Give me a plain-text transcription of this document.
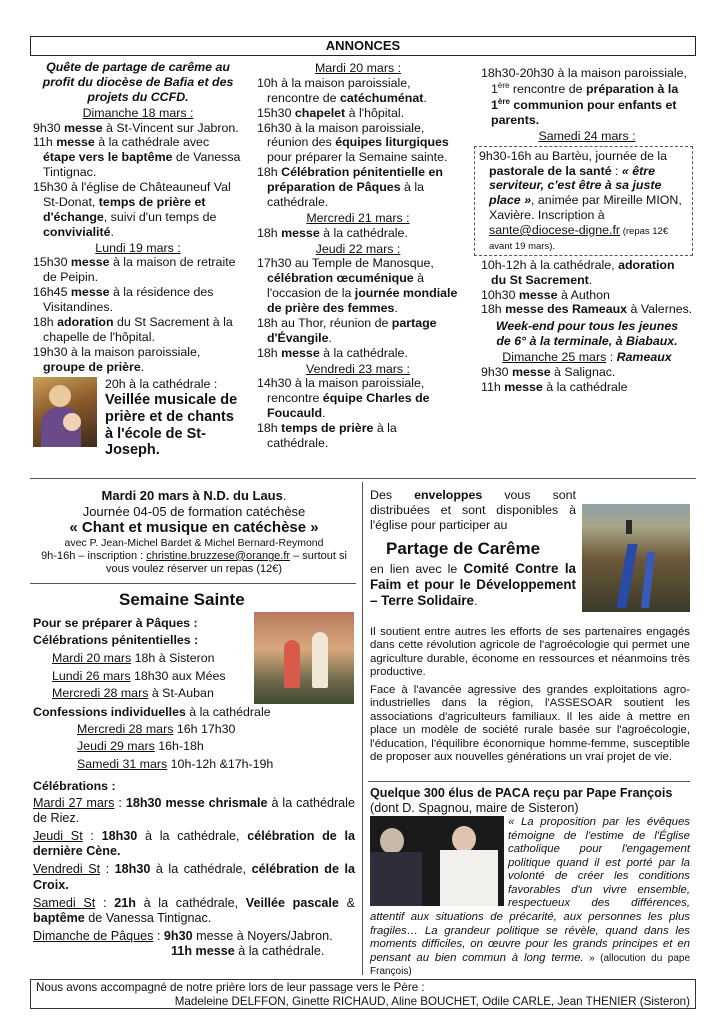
ANNONCES
Quête de partage de carême au profit du diocèse de Bafia et des projets du CCFD.
Dimanche 18 mars :
9h30 messe à St-Vincent sur Jabron.
11h messe à la cathédrale avec étape vers le baptême de Vanessa Tintignac.
15h30 à l'église de Châteauneuf Val St-Donat, temps de prière et d'échange, suivi d'un temps de convivialité.
Lundi 19 mars :
15h30 messe à la maison de retraite de Peipin.
16h45 messe à la résidence des Visitandines.
18h adoration du St Sacrement à la chapelle de l'hôpital.
19h30 à la maison paroissiale, groupe de prière.
20h à la cathédrale : Veillée musicale de prière et de chants à l'école de St-Joseph.
Mardi 20 mars :
10h à la maison paroissiale, rencontre de catéchuménat.
15h30 chapelet à l'hôpital.
16h30 à la maison paroissiale, réunion des équipes liturgiques pour préparer la Semaine sainte.
18h Célébration pénitentielle en préparation de Pâques à la cathédrale.
Mercredi 21 mars :
18h messe à la cathédrale.
Jeudi 22 mars :
17h30 au Temple de Manosque, célébration œcuménique à l'occasion de la journée mondiale de prière des femmes.
18h au Thor, réunion de partage d'Évangile.
18h messe à la cathédrale.
Vendredi 23 mars :
14h30 à la maison paroissiale, rencontre équipe Charles de Foucauld.
18h temps de prière à la cathédrale.
18h30-20h30 à la maison paroissiale, 1ère rencontre de préparation à la 1ère communion pour enfants et parents.
Samedi 24 mars :
9h30-16h au Bartèu, journée de la pastorale de la santé : « être serviteur, c'est être à sa juste place », animée par Mireille MION, Xavière. Inscription à sante@diocese-digne.fr (repas 12€ avant 19 mars).
10h-12h à la cathédrale, adoration du St Sacrement.
10h30 messe à Authon
18h messe des Rameaux à Valernes.
Week-end pour tous les jeunes de 6° à la terminale, à Biabaux.
Dimanche 25 mars : Rameaux
9h30 messe à Salignac.
11h messe à la cathédrale
Mardi 20 mars à N.D. du Laus.
Journée 04-05 de formation catéchèse
« Chant et musique en catéchèse »
avec P. Jean-Michel Bardet & Michel Bernard-Reymond
9h-16h – inscription : christine.bruzzese@orange.fr – surtout si vous voulez réserver un repas (12€)
Semaine Sainte
Pour se préparer à Pâques :
Célébrations pénitentielles :
Mardi 20 mars 18h à Sisteron
Lundi 26 mars 18h30 aux Mées
Mercredi 28 mars à St-Auban
Confessions individuelles à la cathédrale
Mercredi 28 mars 16h 17h30
Jeudi 29 mars 16h-18h
Samedi 31 mars 10h-12h &17h-19h
Célébrations :
Mardi 27 mars : 18h30 messe chrismale à la cathédrale de Riez.
Jeudi St : 18h30 à la cathédrale, célébration de la dernière Cène.
Vendredi St : 18h30 à la cathédrale, célébration de la Croix.
Samedi St : 21h à la cathédrale, Veillée pascale & baptême de Vanessa Tintignac.
Dimanche de Pâques : 9h30 messe à Noyers/Jabron.
11h messe à la cathédrale.
Des enveloppes vous sont distribuées et sont disponibles à l'église pour participer au
Partage de Carême
en lien avec le Comité Contre la Faim et pour le Développement – Terre Solidaire.
Il soutient entre autres les efforts de ses partenaires engagés dans cette révolution agricole de l'agroécologie qui permet une agriculture durable, économe en ressources et néanmoins très productive.
Face à l'avancée agressive des grandes exploitations agro-industrielles dans la région, l'ASSESOAR soutient les associations d'agriculteurs familiaux. Il les aide à mettre en place un modèle de société rurale basée sur l'agroécologie, l'éducation, l'équilibre économique homme-femme, susceptible de proposer aux nouvelles générations un vrai projet de vie.
Quelque 300 élus de PACA reçu par Pape François (dont D. Spagnou, maire de Sisteron)
« La proposition par les évêques témoigne de l'estime de l'Église catholique pour l'engagement politique quand il est porté par la volonté de créer les conditions favorables d'un vivre ensemble, respectueux des différences, attentif aux situations de précarité, aux personnes les plus fragiles… La grandeur politique se révèle, quand dans les moments difficiles, on œuvre pour les grands principes et en pensant au bien commun à long terme. » (allocution du pape François)
Nous avons accompagné de notre prière lors de leur passage vers le Père :
Madeleine DELFFON, Ginette RICHAUD, Aline BOUCHET, Odile CARLE, Jean THENIER (Sisteron)
